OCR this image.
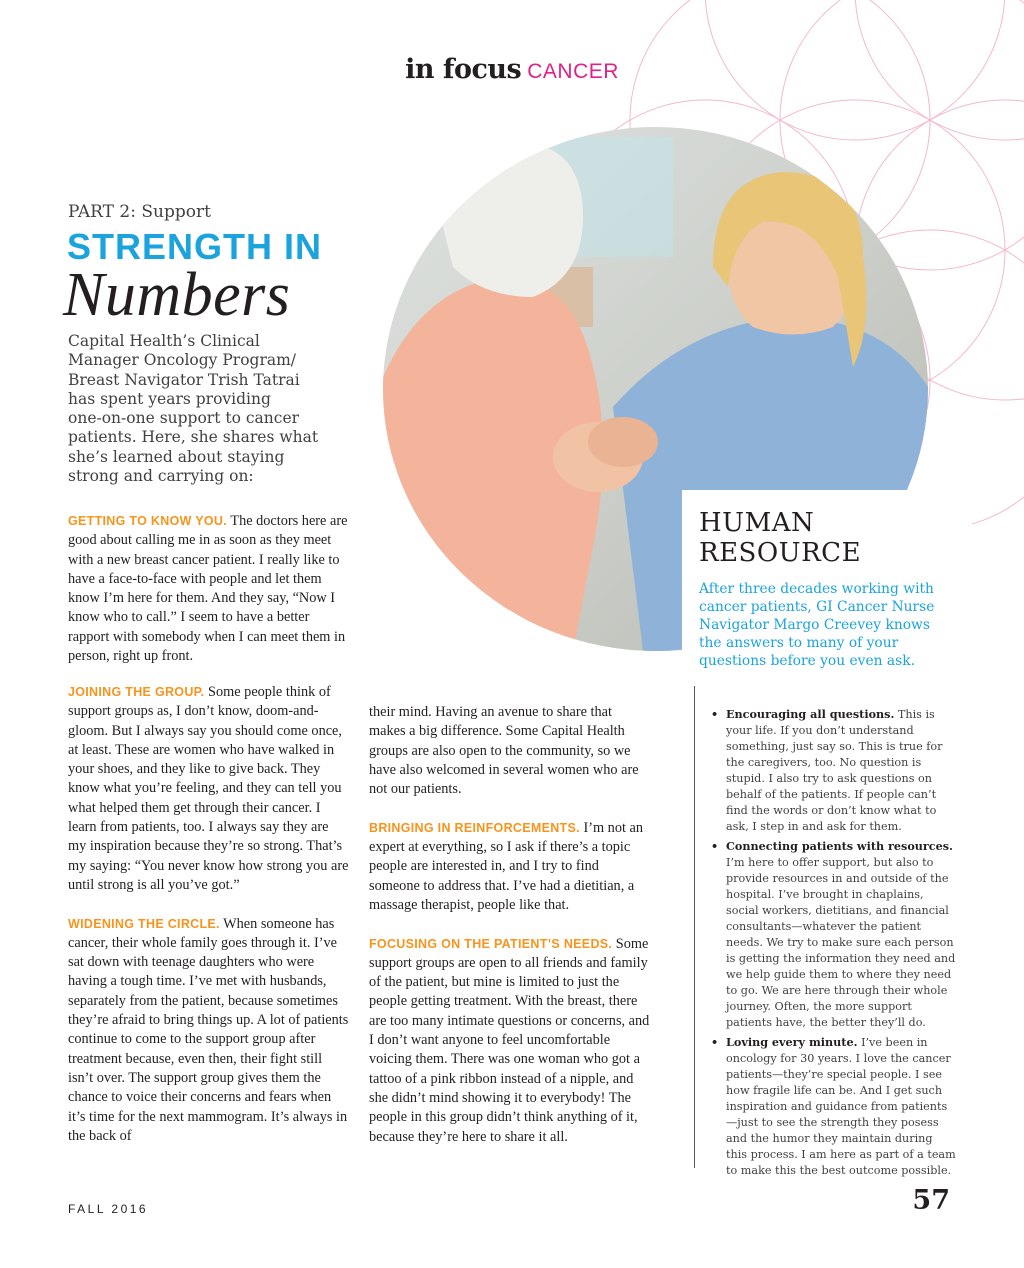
in focus CANCER
PART 2: Support
STRENGTH IN
Numbers
Capital Health’s Clinical
Manager Oncology Program/
Breast Navigator Trish Tatrai
has spent years providing
one-on-one support to cancer
patients. Here, she shares what
she’s learned about staying
strong and carrying on:
HUMAN
RESOURCE
After three decades working with cancer patients, GI Cancer Nurse Navigator Margo Creevey knows the answers to many of your questions before you even ask.

GETTING TO KNOW YOU. The doctors here are good about calling me in as soon as they meet with a new breast cancer patient. I really like to have a face-to-face with people and let them know I’m here for them. And they say, “Now I know who to call.” I seem to have a better rapport with somebody when I can meet them in person, right up front.

JOINING THE GROUP. Some people think of support groups as, I don’t know, doom-and-gloom. But I always say you should come once, at least. These are women who have walked in your shoes, and they like to give back. They know what you’re feeling, and they can tell you what helped them get through their cancer. I learn from patients, too. I always say they are my inspiration because they’re so strong. That’s my saying: “You never know how strong you are until strong is all you’ve got.”

WIDENING THE CIRCLE. When someone has cancer, their whole family goes through it. I’ve sat down with teenage daughters who were having a tough time. I’ve met with husbands, separately from the patient, because sometimes they’re afraid to bring things up. A lot of patients continue to come to the support group after treatment because, even then, their fight still isn’t over. The support group gives them the chance to voice their concerns and fears when it’s time for the next mammogram. It’s always in the back of

their mind. Having an avenue to share that makes a big difference. Some Capital Health groups are also open to the community, so we have also welcomed in several women who are not our patients.

BRINGING IN REINFORCEMENTS. I’m not an expert at everything, so I ask if there’s a topic people are interested in, and I try to find someone to address that. I’ve had a dietitian, a massage therapist, people like that.

FOCUSING ON THE PATIENT’S NEEDS. Some support groups are open to all friends and family of the patient, but mine is limited to just the people getting treatment. With the breast, there are too many intimate questions or concerns, and I don’t want anyone to feel uncomfortable voicing them. There was one woman who got a tattoo of a pink ribbon instead of a nipple, and she didn’t mind showing it to everybody! The people in this group didn’t think anything of it, because they’re here to share it all.

• Encouraging all questions. This is your life. If you don’t understand something, just say so. This is true for the caregivers, too. No question is stupid. I also try to ask questions on behalf of the patients. If people can’t find the words or don’t know what to ask, I step in and ask for them.
• Connecting patients with resources. I’m here to offer support, but also to provide resources in and outside of the hospital. I’ve brought in chaplains, social workers, dietitians, and financial consultants—whatever the patient needs. We try to make sure each person is getting the information they need and we help guide them to where they need to go. We are here through their whole journey. Often, the more support patients have, the better they’ll do.
• Loving every minute. I’ve been in oncology for 30 years. I love the cancer patients—they’re special people. I see how fragile life can be. And I get such inspiration and guidance from patients—just to see the strength they posess and the humor they maintain during this process. I am here as part of a team to make this the best outcome possible.
FALL 2016	57
